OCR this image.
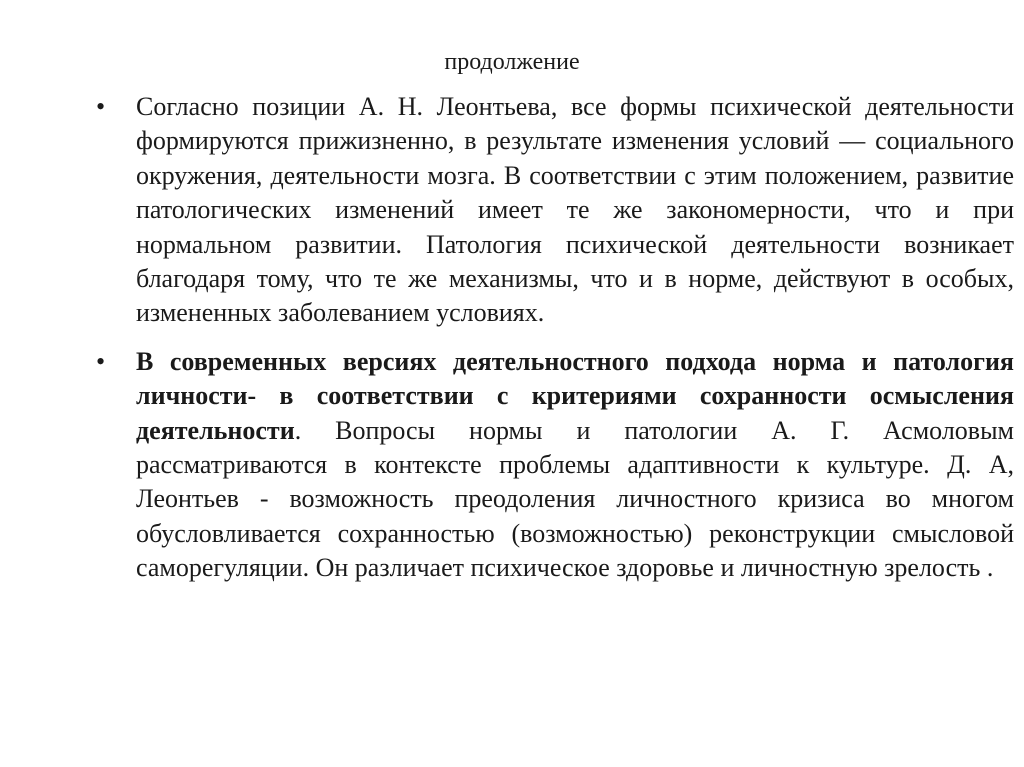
продолжение
•	Согласно позиции А. Н. Леонтьева, все формы психической деятельности формируются прижизненно, в результате изменения условий — социального окружения, деятельности мозга. В соответствии с этим положением, развитие патологических изменений имеет те же закономерности, что и при нормальном развитии. Патология психической деятельности возникает благодаря тому, что те же механизмы, что и в норме, действуют в особых, измененных заболеванием условиях.

•	В современных версиях деятельностного подхода норма и патология личности- в соответствии с критериями сохранности осмысления деятельности. Вопросы нормы и патологии А. Г. Асмоловым рассматриваются в контексте проблемы адаптивности к культуре. Д. А, Леонтьев - возможность преодоления личностного кризиса во многом обусловливается сохранностью (возможностью) реконструкции смысловой саморегуляции. Он различает психическое здоровье и личностную зрелость .
